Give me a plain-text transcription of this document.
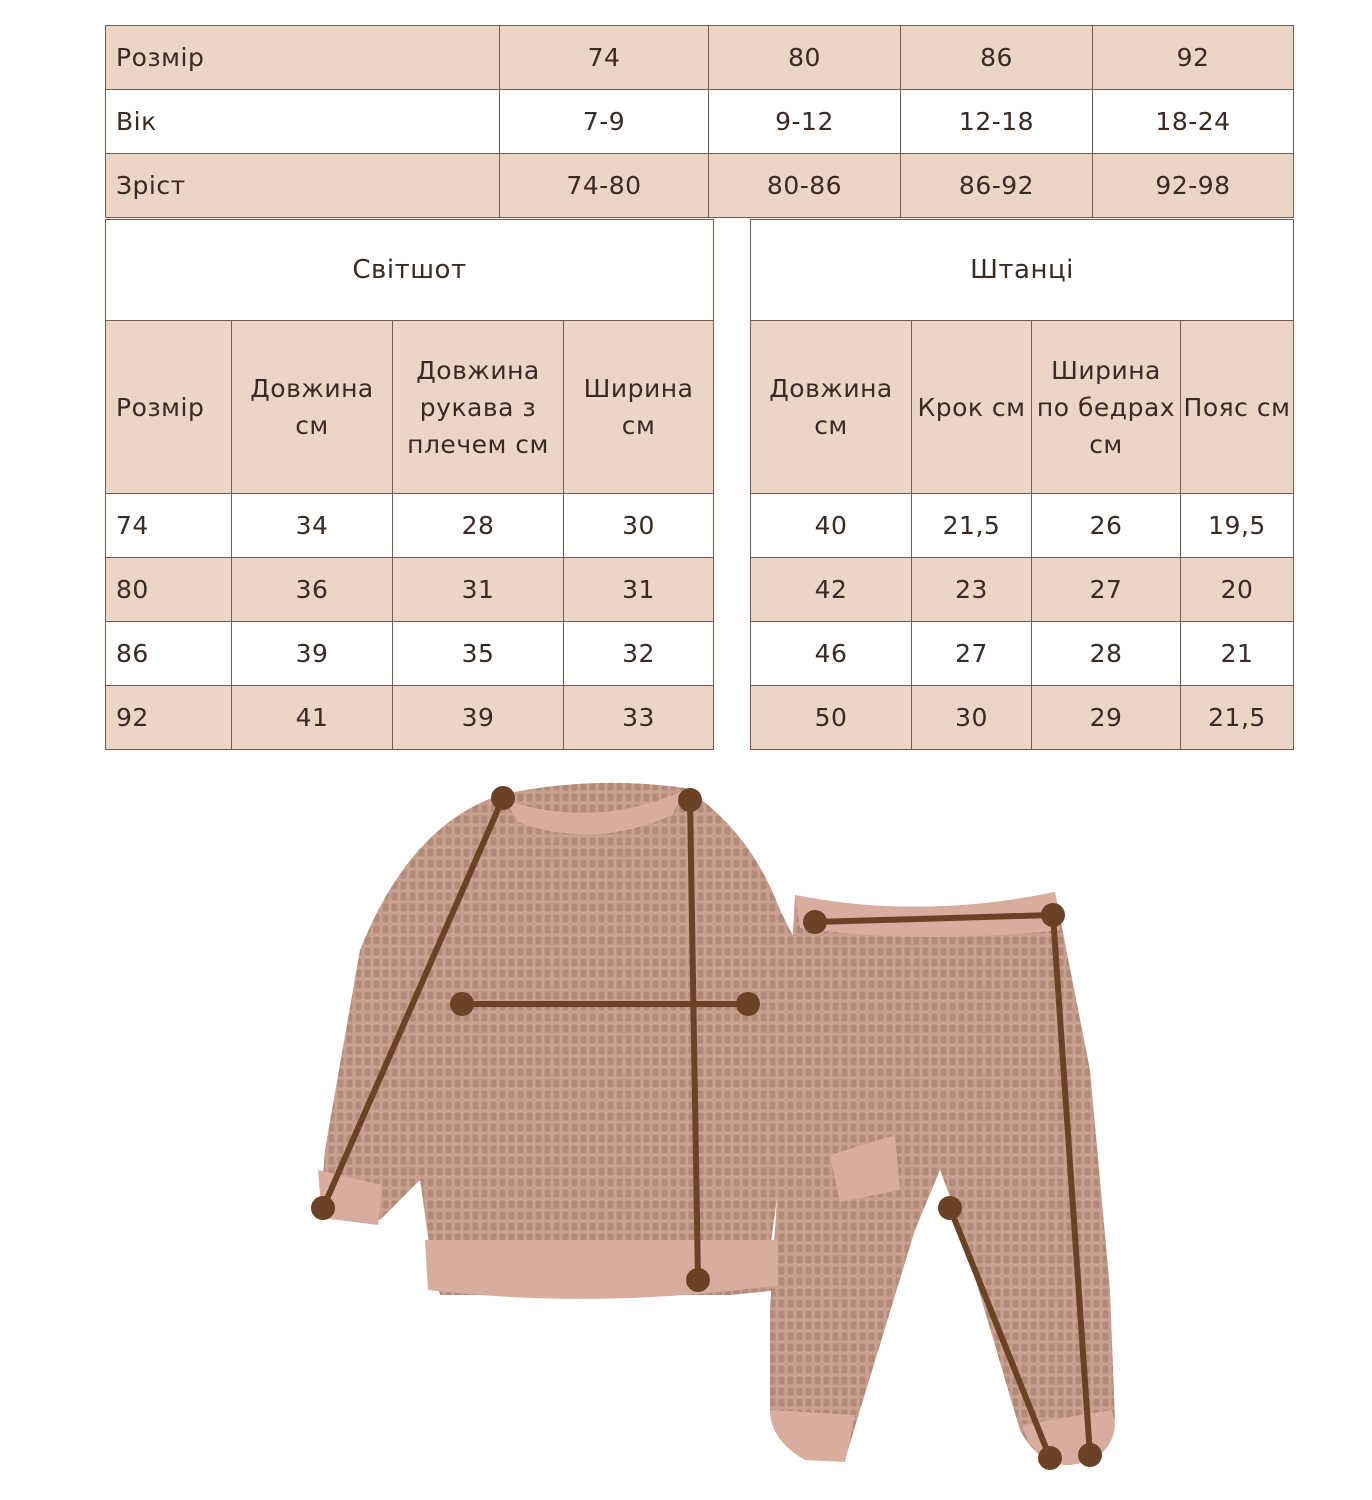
Розмір	74	80	86	92
Вік	7-9	9-12	12-18	18-24
Зріст	74-80	80-86	86-92	92-98
Світшот			
Розмір	Довжина см	Довжина рукава з плечем см	Ширина см
74	34	28	30
80	36	31	31
86	39	35	32
92	41	39	33
Штанці			
Довжина см	Крок см	Ширина по бедрах см	Пояс см
40	21,5	26	19,5
42	23	27	20
46	27	28	21
50	30	29	21,5
